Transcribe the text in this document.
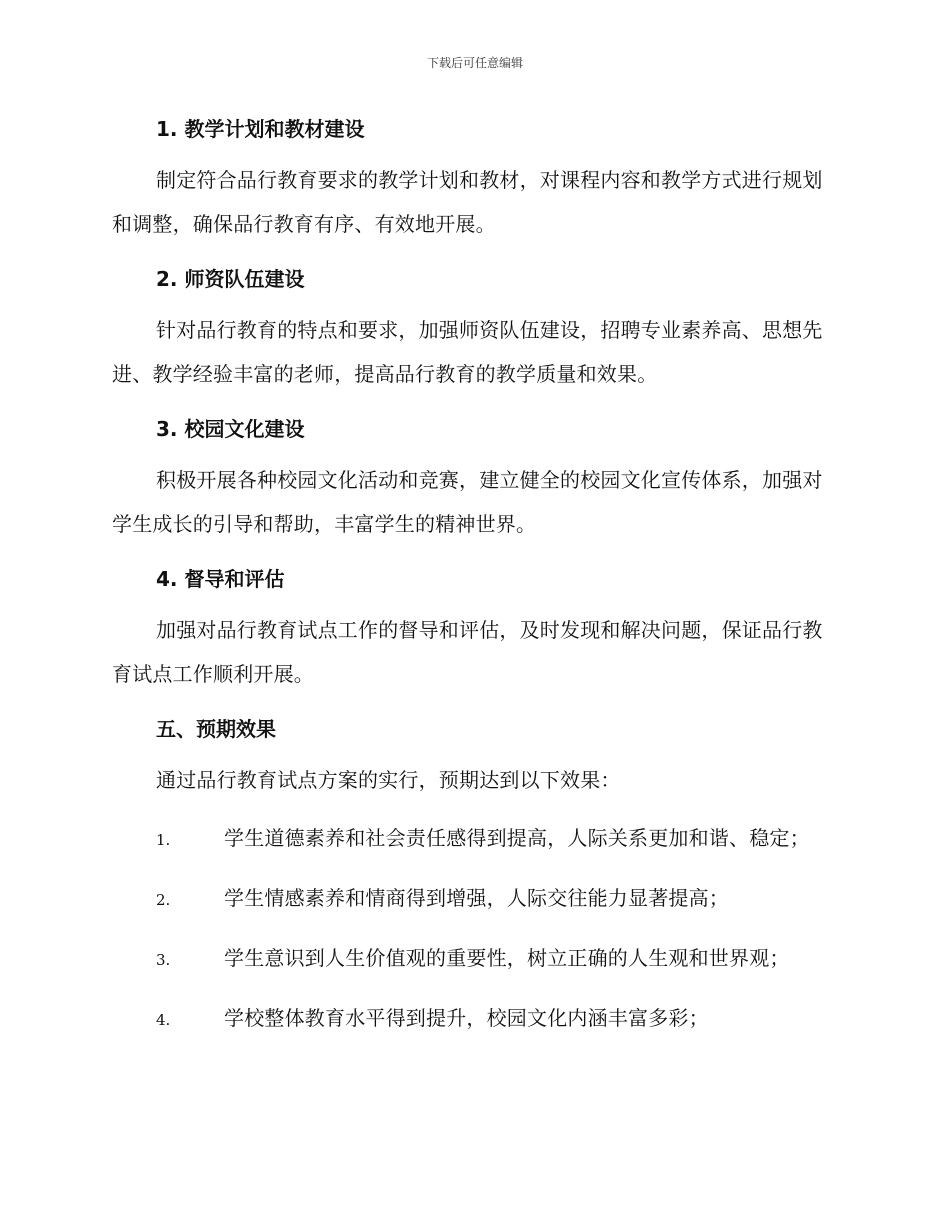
下载后可任意编辑
1. 教学计划和教材建设

制定符合品行教育要求的教学计划和教材，对课程内容和教学方式进行规划和调整，确保品行教育有序、有效地开展。

2. 师资队伍建设

针对品行教育的特点和要求，加强师资队伍建设，招聘专业素养高、思想先进、教学经验丰富的老师，提高品行教育的教学质量和效果。

3. 校园文化建设

积极开展各种校园文化活动和竞赛，建立健全的校园文化宣传体系，加强对学生成长的引导和帮助，丰富学生的精神世界。

4. 督导和评估

加强对品行教育试点工作的督导和评估，及时发现和解决问题，保证品行教育试点工作顺利开展。

五、预期效果

通过品行教育试点方案的实行，预期达到以下效果：

1.	学生道德素养和社会责任感得到提高，人际关系更加和谐、稳定；

2.	学生情感素养和情商得到增强，人际交往能力显著提高；

3.	学生意识到人生价值观的重要性，树立正确的人生观和世界观；

4.	学校整体教育水平得到提升，校园文化内涵丰富多彩；
